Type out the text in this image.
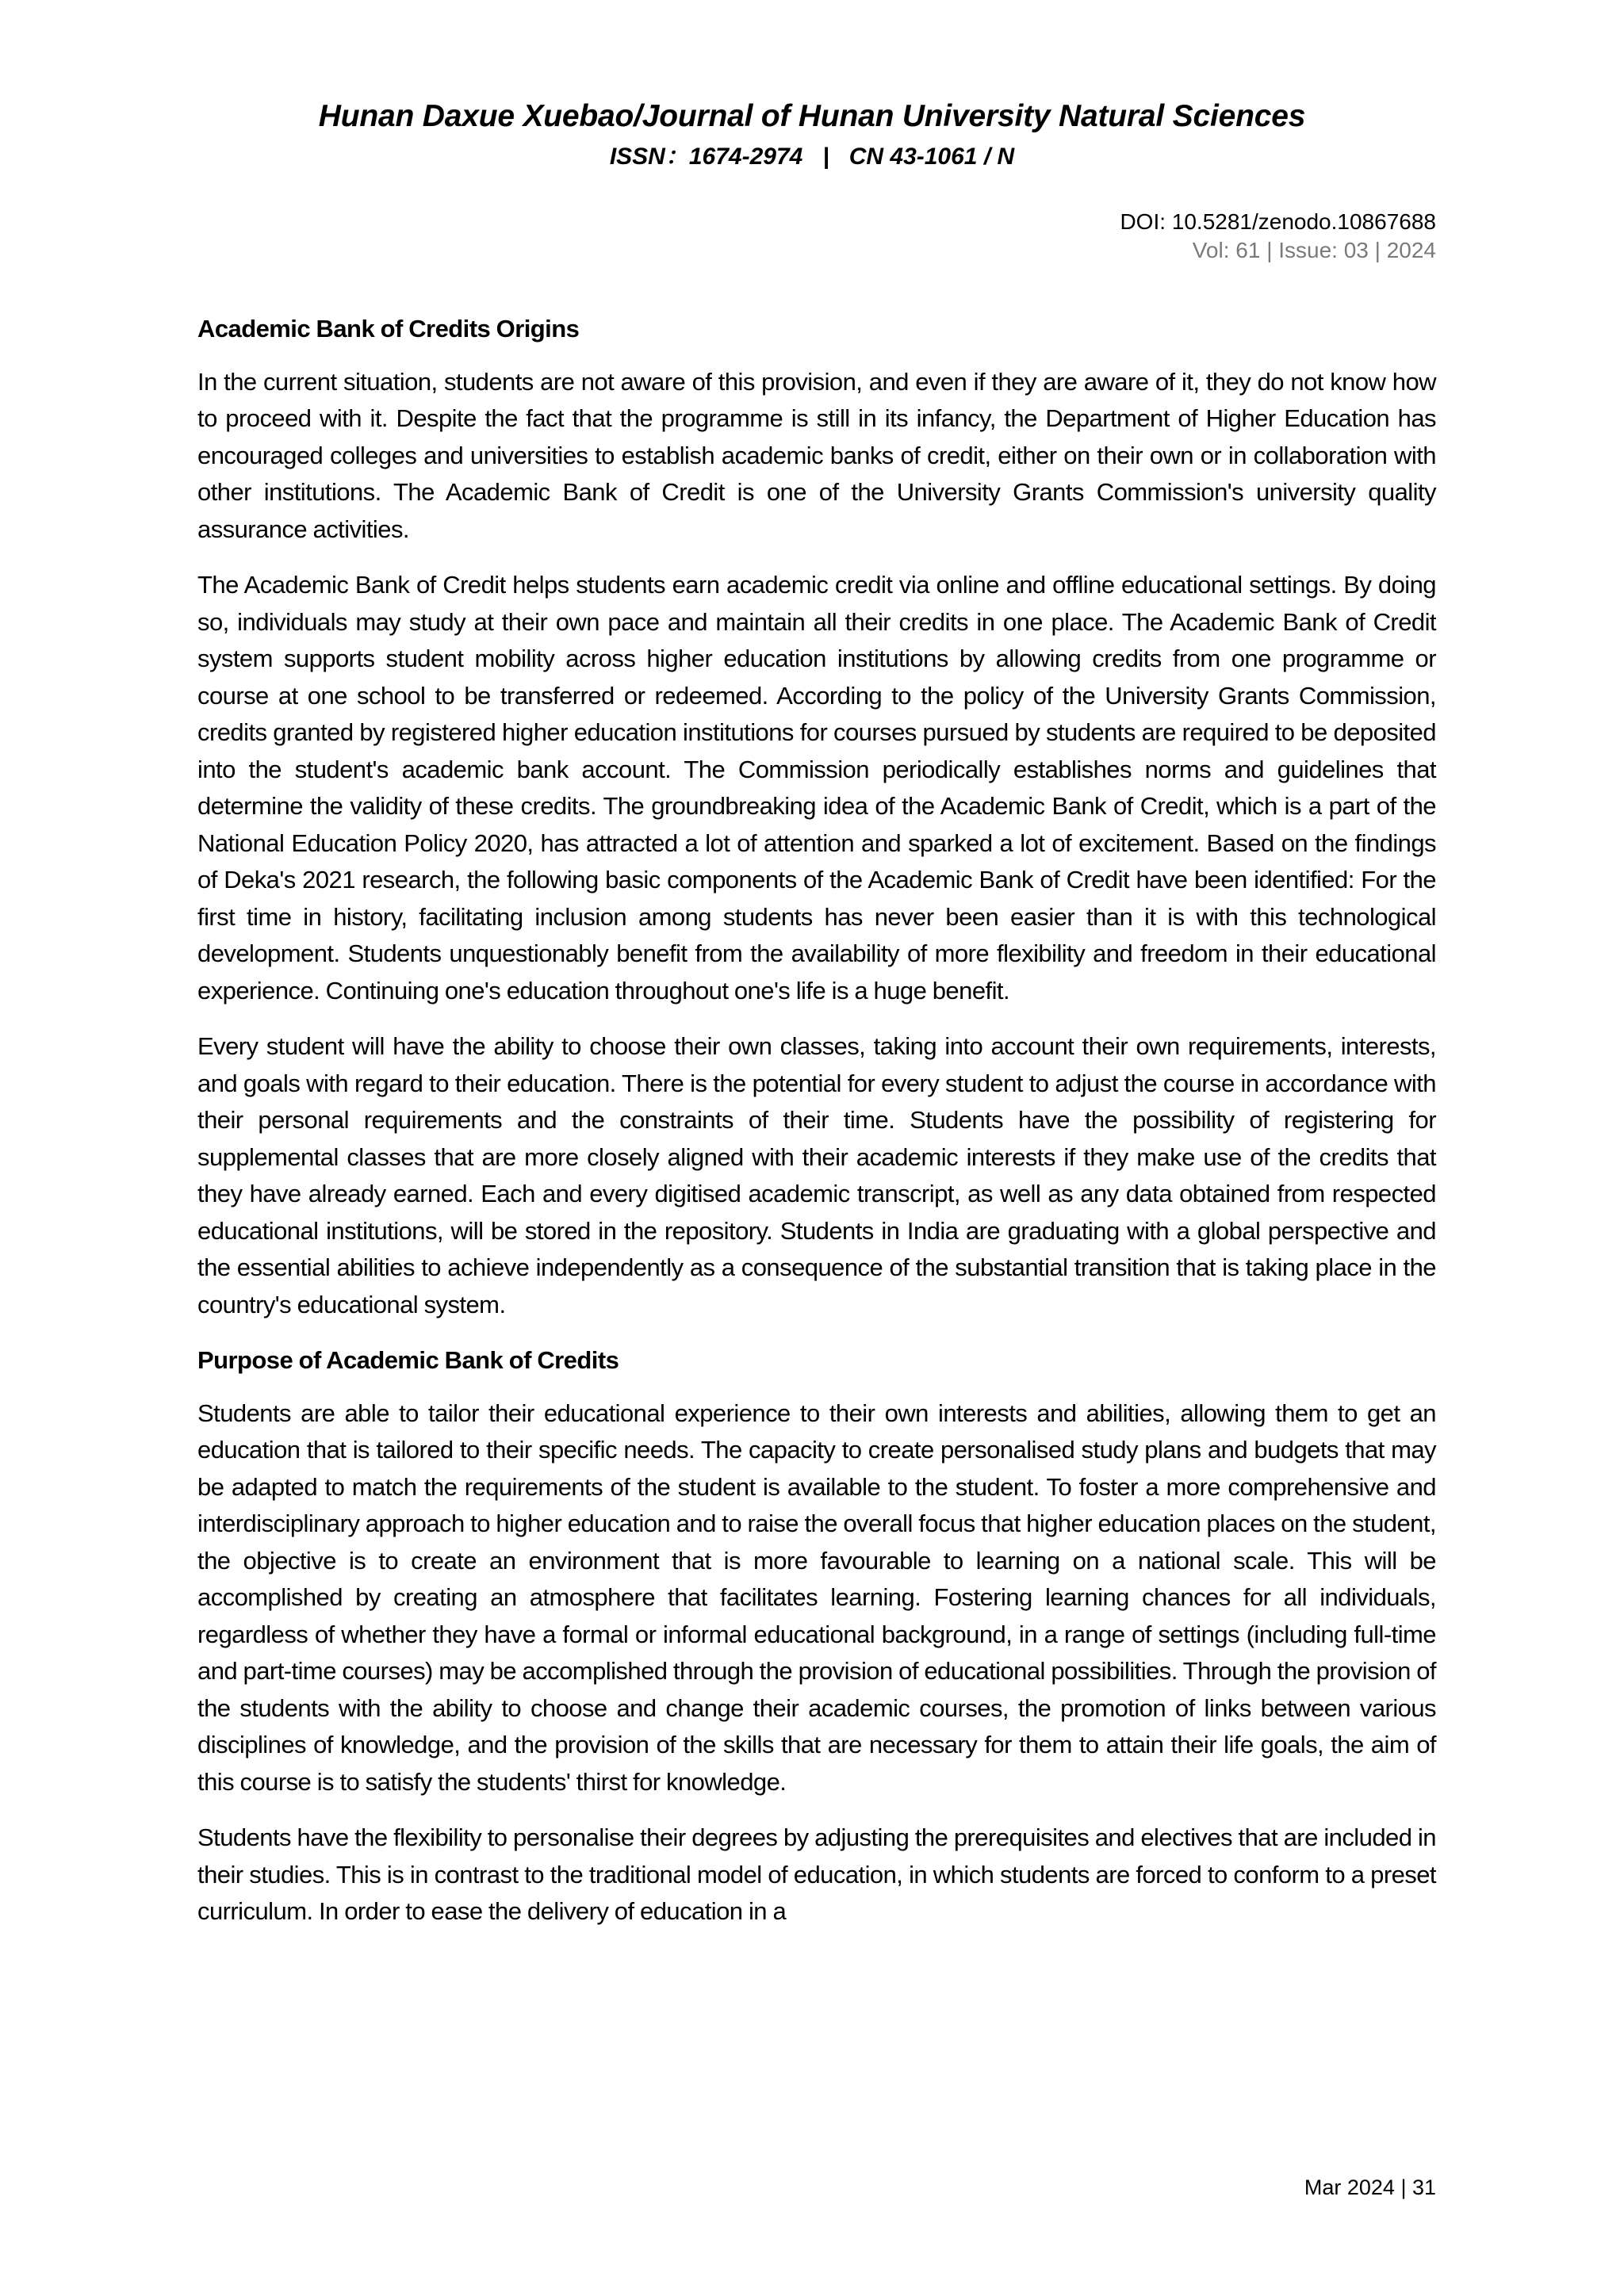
Hunan Daxue Xuebao/Journal of Hunan University Natural Sciences
ISSN：1674-2974   |   CN 43-1061 / N
DOI: 10.5281/zenodo.10867688
Vol: 61 | Issue: 03 | 2024
Academic Bank of Credits Origins

In the current situation, students are not aware of this provision, and even if they are aware of it, they do not know how to proceed with it. Despite the fact that the programme is still in its infancy, the Department of Higher Education has encouraged colleges and universities to establish academic banks of credit, either on their own or in collaboration with other institutions. The Academic Bank of Credit is one of the University Grants Commission's university quality assurance activities.

The Academic Bank of Credit helps students earn academic credit via online and offline educational settings. By doing so, individuals may study at their own pace and maintain all their credits in one place. The Academic Bank of Credit system supports student mobility across higher education institutions by allowing credits from one programme or course at one school to be transferred or redeemed. According to the policy of the University Grants Commission, credits granted by registered higher education institutions for courses pursued by students are required to be deposited into the student's academic bank account. The Commission periodically establishes norms and guidelines that determine the validity of these credits. The groundbreaking idea of the Academic Bank of Credit, which is a part of the National Education Policy 2020, has attracted a lot of attention and sparked a lot of excitement. Based on the findings of Deka's 2021 research, the following basic components of the Academic Bank of Credit have been identified: For the first time in history, facilitating inclusion among students has never been easier than it is with this technological development. Students unquestionably benefit from the availability of more flexibility and freedom in their educational experience. Continuing one's education throughout one's life is a huge benefit.

Every student will have the ability to choose their own classes, taking into account their own requirements, interests, and goals with regard to their education. There is the potential for every student to adjust the course in accordance with their personal requirements and the constraints of their time. Students have the possibility of registering for supplemental classes that are more closely aligned with their academic interests if they make use of the credits that they have already earned. Each and every digitised academic transcript, as well as any data obtained from respected educational institutions, will be stored in the repository. Students in India are graduating with a global perspective and the essential abilities to achieve independently as a consequence of the substantial transition that is taking place in the country's educational system.

Purpose of Academic Bank of Credits

Students are able to tailor their educational experience to their own interests and abilities, allowing them to get an education that is tailored to their specific needs. The capacity to create personalised study plans and budgets that may be adapted to match the requirements of the student is available to the student. To foster a more comprehensive and interdisciplinary approach to higher education and to raise the overall focus that higher education places on the student, the objective is to create an environment that is more favourable to learning on a national scale. This will be accomplished by creating an atmosphere that facilitates learning. Fostering learning chances for all individuals, regardless of whether they have a formal or informal educational background, in a range of settings (including full-time and part-time courses) may be accomplished through the provision of educational possibilities. Through the provision of the students with the ability to choose and change their academic courses, the promotion of links between various disciplines of knowledge, and the provision of the skills that are necessary for them to attain their life goals, the aim of this course is to satisfy the students' thirst for knowledge.

Students have the flexibility to personalise their degrees by adjusting the prerequisites and electives that are included in their studies. This is in contrast to the traditional model of education, in which students are forced to conform to a preset curriculum. In order to ease the delivery of education in a

Mar 2024 | 31
